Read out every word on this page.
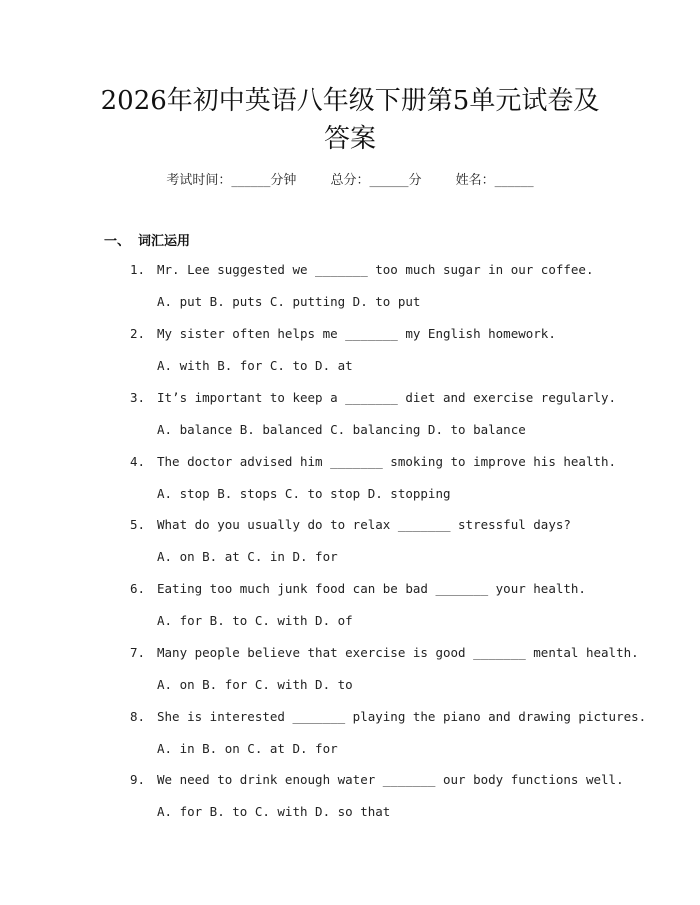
2026年初中英语八年级下册第5单元试卷及
答案
考试时间：______分钟	总分：______分	姓名：______
一、 词汇运用
1. Mr. Lee suggested we _______ too much sugar in our coffee.
A. put B. puts C. putting D. to put
2. My sister often helps me _______ my English homework.
A. with B. for C. to D. at
3. It’s important to keep a _______ diet and exercise regularly.
A. balance B. balanced C. balancing D. to balance
4. The doctor advised him _______ smoking to improve his health.
A. stop B. stops C. to stop D. stopping
5. What do you usually do to relax _______ stressful days?
A. on B. at C. in D. for
6. Eating too much junk food can be bad _______ your health.
A. for B. to C. with D. of
7. Many people believe that exercise is good _______ mental health.
A. on B. for C. with D. to
8. She is interested _______ playing the piano and drawing pictures.
A. in B. on C. at D. for
9. We need to drink enough water _______ our body functions well.
A. for B. to C. with D. so that
